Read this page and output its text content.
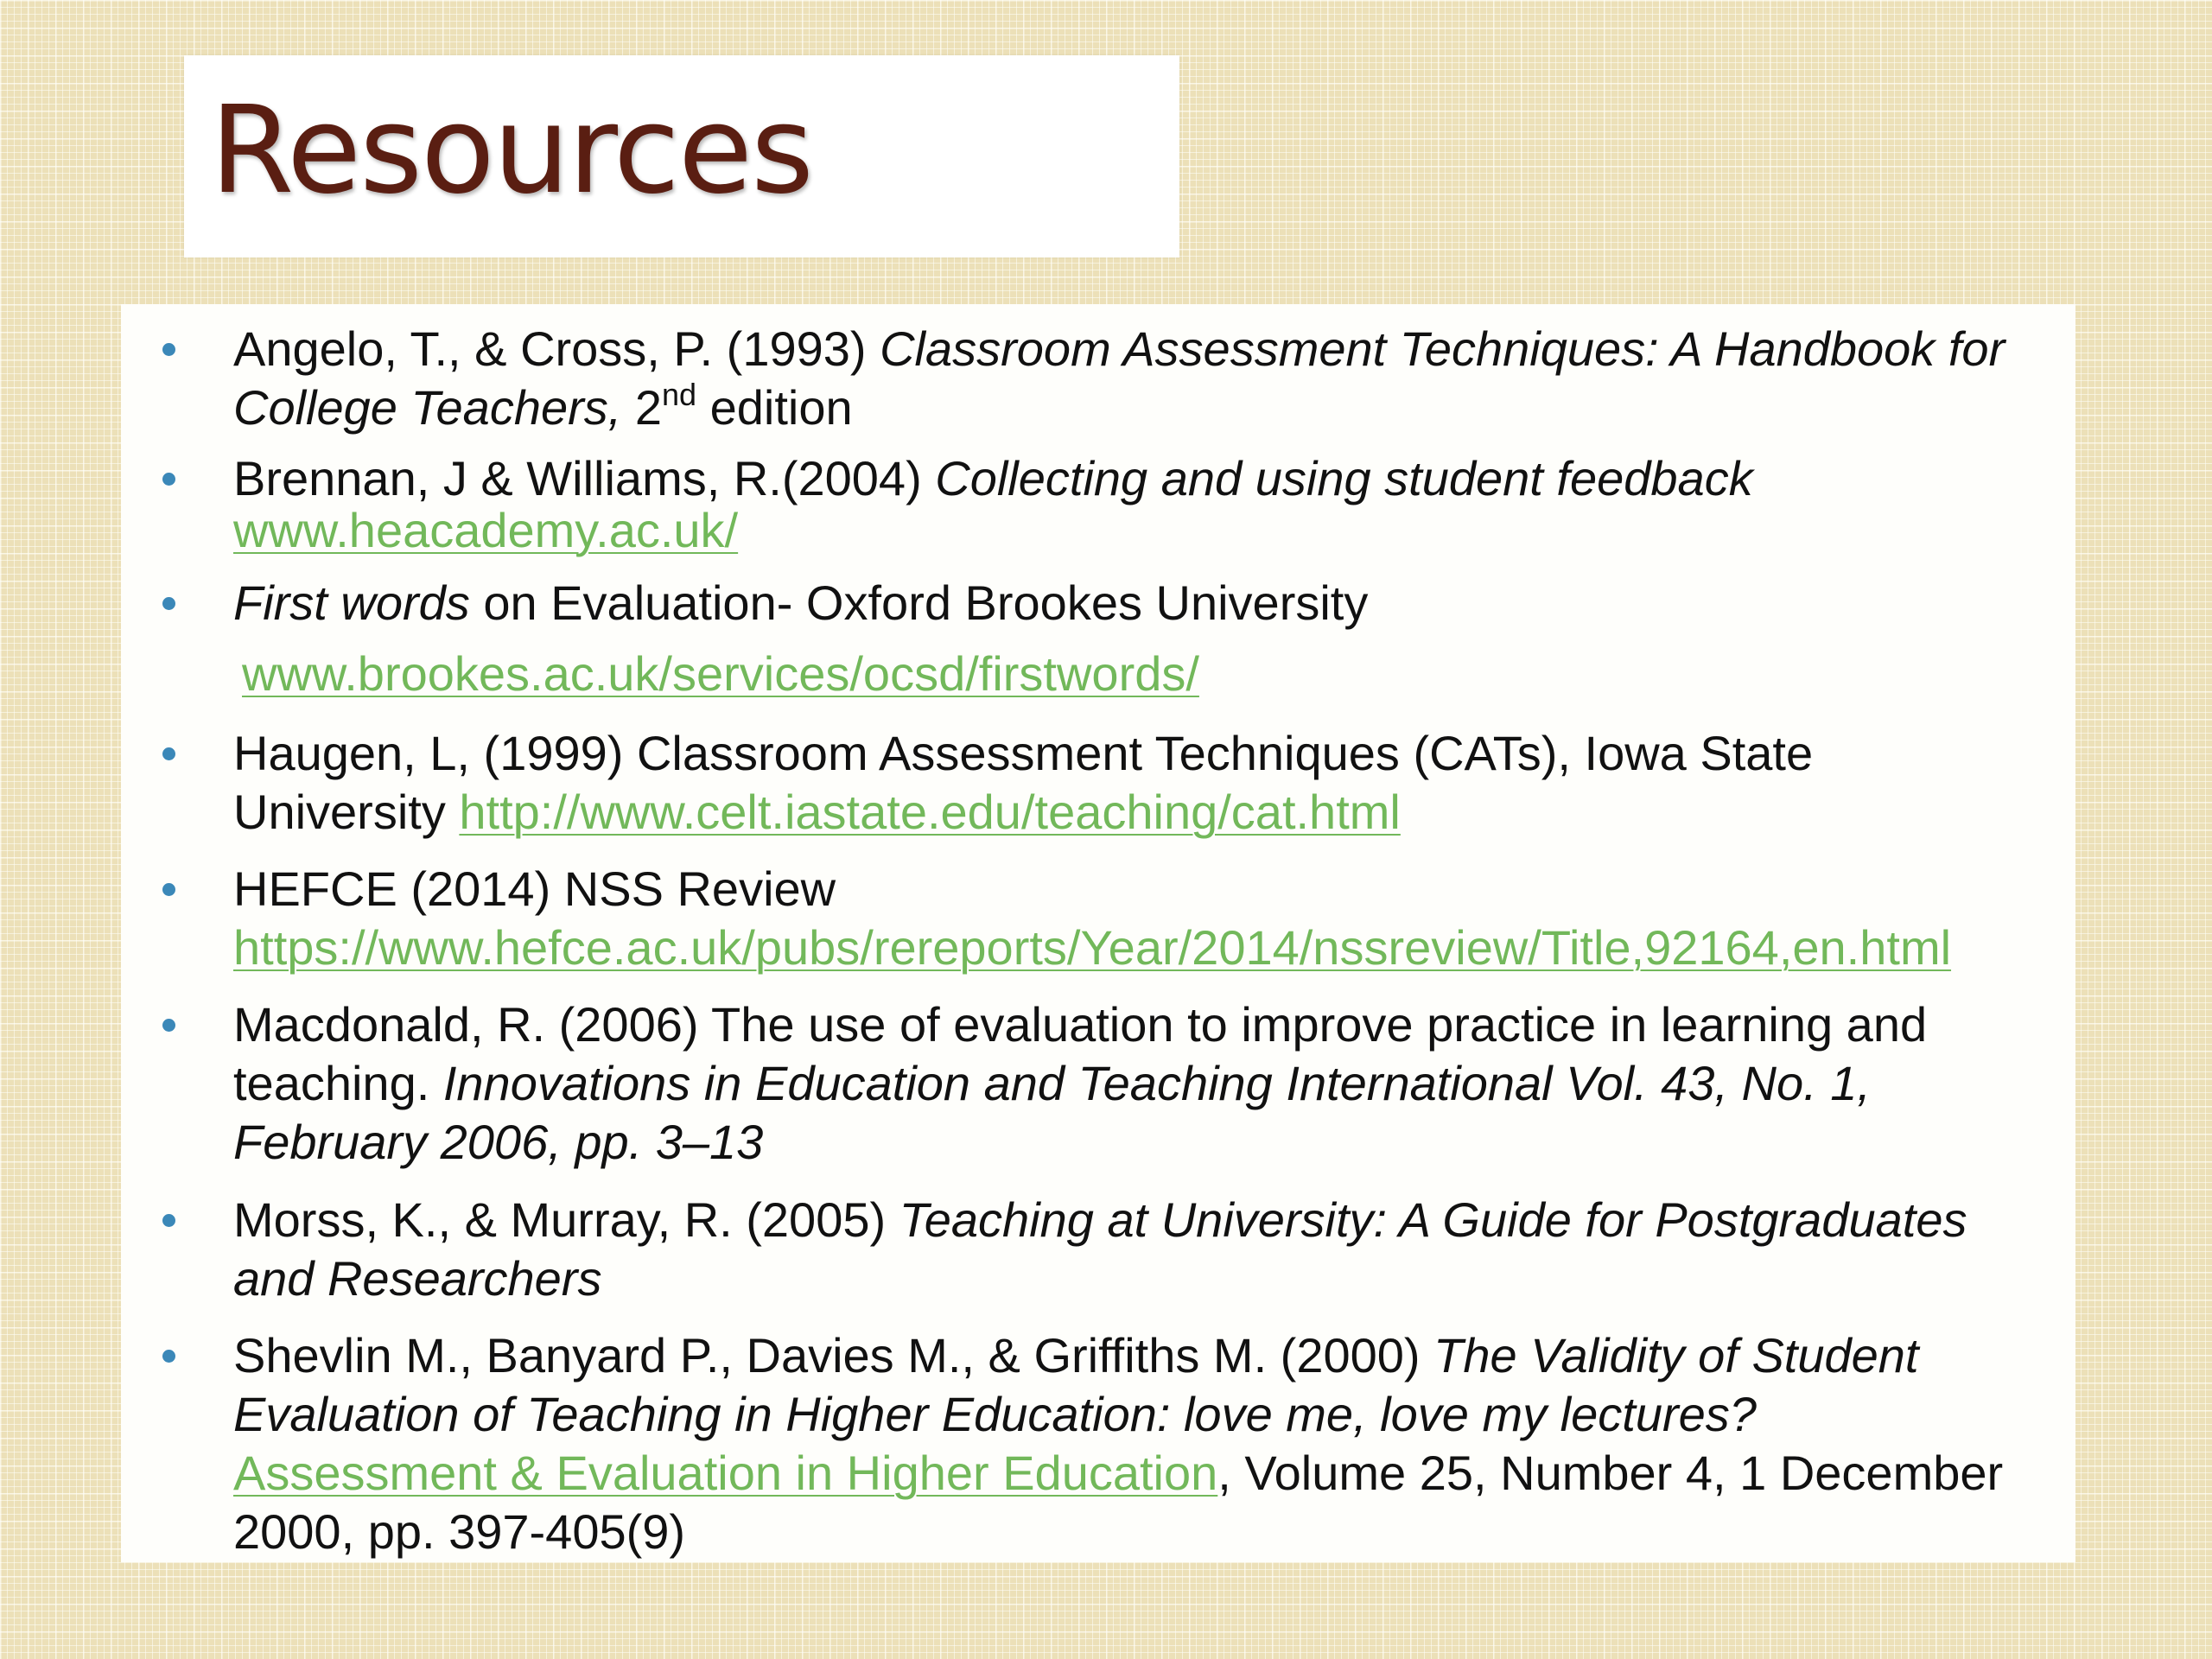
Resources
Angelo, T., & Cross, P. (1993) Classroom Assessment Techniques: A Handbook for
College Teachers, 2nd edition
Brennan, J & Williams, R.(2004) Collecting and using student feedback
www.heacademy.ac.uk/
First words on Evaluation- Oxford Brookes University
www.brookes.ac.uk/services/ocsd/firstwords/
Haugen, L, (1999) Classroom Assessment Techniques (CATs), Iowa State
University http://www.celt.iastate.edu/teaching/cat.html
HEFCE (2014) NSS Review
https://www.hefce.ac.uk/pubs/rereports/Year/2014/nssreview/Title,92164,en.html
Macdonald, R. (2006) The use of evaluation to improve practice in learning and
teaching. Innovations in Education and Teaching International Vol. 43, No. 1,
February 2006, pp. 3–13
Morss, K., & Murray, R. (2005) Teaching at University: A Guide for Postgraduates
and Researchers
Shevlin M., Banyard P., Davies M., & Griffiths M. (2000) The Validity of Student
Evaluation of Teaching in Higher Education: love me, love my lectures?
Assessment & Evaluation in Higher Education, Volume 25, Number 4, 1 December
2000, pp. 397-405(9)
